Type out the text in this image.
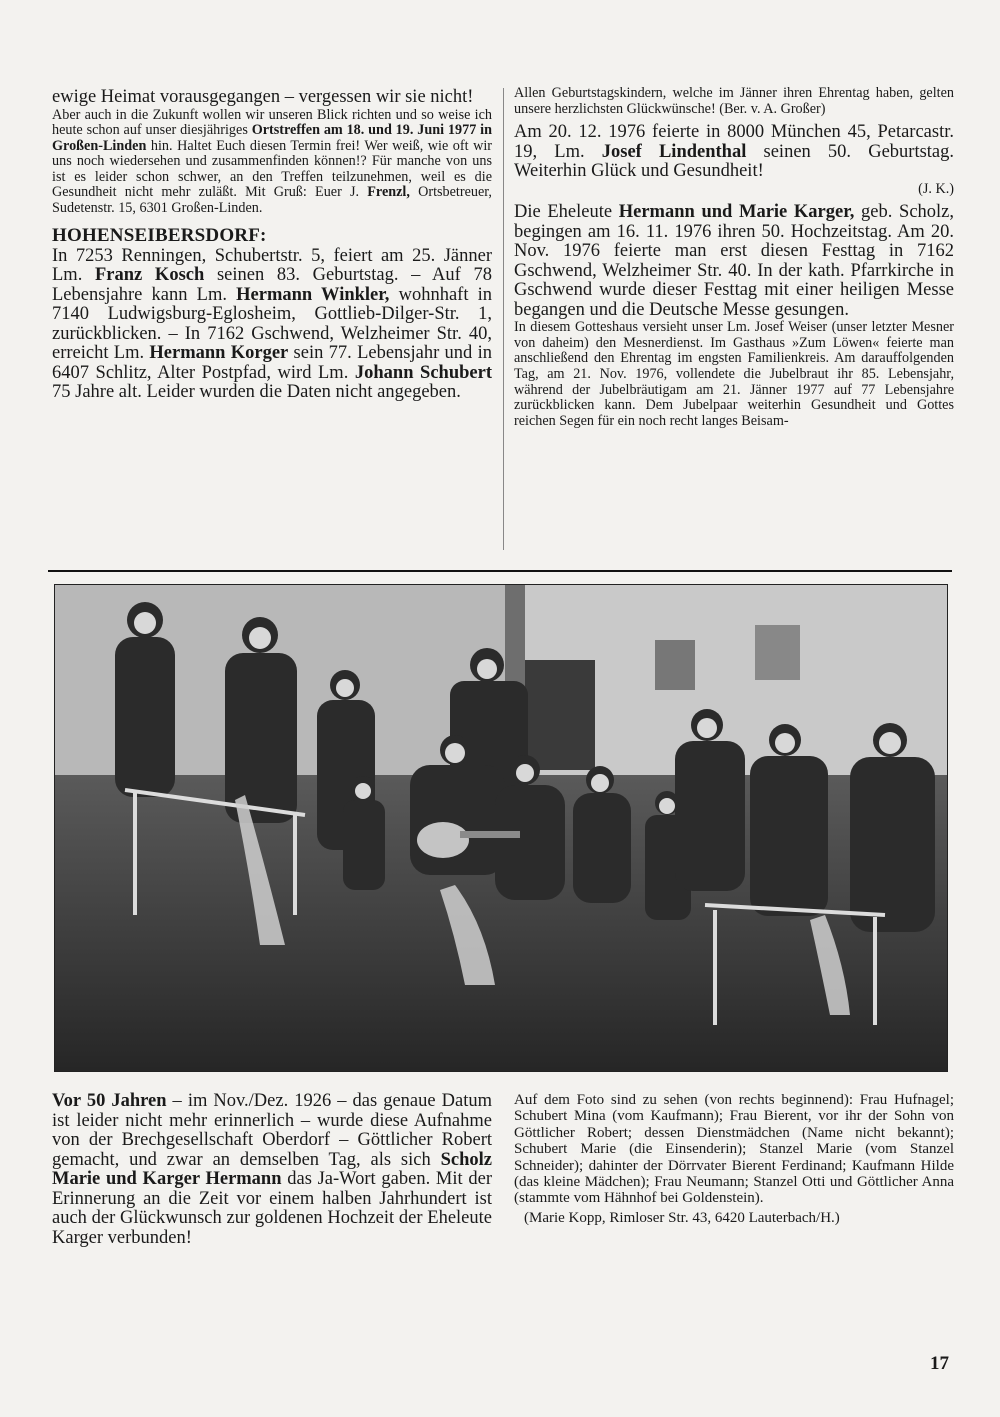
ewige Heimat vorausgegangen – vergessen wir sie nicht!

Aber auch in die Zukunft wollen wir unseren Blick richten und so weise ich heute schon auf unser diesjähriges Ortstreffen am 18. und 19. Juni 1977 in Großen-Linden hin. Haltet Euch diesen Termin frei! Wer weiß, wie oft wir uns noch wiedersehen und zusammenfinden können!? Für manche von uns ist es leider schon schwer, an den Treffen teilzunehmen, weil es die Gesundheit nicht mehr zuläßt. Mit Gruß: Euer J. Frenzl, Ortsbetreuer, Sudetenstr. 15, 6301 Großen-Linden.

HOHENSEIBERSDORF:

In 7253 Renningen, Schubertstr. 5, feiert am 25. Jänner Lm. Franz Kosch seinen 83. Geburtstag. – Auf 78 Lebensjahre kann Lm. Hermann Winkler, wohnhaft in 7140 Ludwigsburg-Eglosheim, Gottlieb-Dilger-Str. 1, zurückblicken. – In 7162 Gschwend, Welzheimer Str. 40, erreicht Lm. Hermann Korger sein 77. Lebensjahr und in 6407 Schlitz, Alter Postpfad, wird Lm. Johann Schubert 75 Jahre alt. Leider wurden die Daten nicht angegeben.

Allen Geburtstagskindern, welche im Jänner ihren Ehrentag haben, gelten unsere herzlichsten Glückwünsche! (Ber. v. A. Großer)

Am 20. 12. 1976 feierte in 8000 München 45, Petarcastr. 19, Lm. Josef Lindenthal seinen 50. Geburtstag. Weiterhin Glück und Gesundheit!

(J. K.)

Die Eheleute Hermann und Marie Karger, geb. Scholz, begingen am 16. 11. 1976 ihren 50. Hochzeitstag. Am 20. Nov. 1976 feierte man erst diesen Festtag in 7162 Gschwend, Welzheimer Str. 40. In der kath. Pfarrkirche in Gschwend wurde dieser Festtag mit einer heiligen Messe begangen und die Deutsche Messe gesungen.

In diesem Gotteshaus versieht unser Lm. Josef Weiser (unser letzter Mesner von daheim) den Mesnerdienst. Im Gasthaus »Zum Löwen« feierte man anschließend den Ehrentag im engsten Familienkreis. Am darauffolgenden Tag, am 21. Nov. 1976, vollendete die Jubelbraut ihr 85. Lebensjahr, während der Jubelbräutigam am 21. Jänner 1977 auf 77 Lebensjahre zurückblicken kann. Dem Jubelpaar weiterhin Gesundheit und Gottes reichen Segen für ein noch recht langes Beisam-

Vor 50 Jahren – im Nov./Dez. 1926 – das genaue Datum ist leider nicht mehr erinnerlich – wurde diese Aufnahme von der Brechgesellschaft Oberdorf – Göttlicher Robert gemacht, und zwar an demselben Tag, als sich Scholz Marie und Karger Hermann das Ja-Wort gaben. Mit der Erinnerung an die Zeit vor einem halben Jahrhundert ist auch der Glückwunsch zur goldenen Hochzeit der Eheleute Karger verbunden!

Auf dem Foto sind zu sehen (von rechts beginnend): Frau Hufnagel; Schubert Mina (vom Kaufmann); Frau Bierent, vor ihr der Sohn von Göttlicher Robert; dessen Dienstmädchen (Name nicht bekannt); Schubert Marie (die Einsenderin); Stanzel Marie (vom Stanzel Schneider); dahinter der Dörrvater Bierent Ferdinand; Kaufmann Hilde (das kleine Mädchen); Frau Neumann; Stanzel Otti und Göttlicher Anna (stammte vom Hähnhof bei Goldenstein).

(Marie Kopp, Rimloser Str. 43, 6420 Lauterbach/H.)

17
